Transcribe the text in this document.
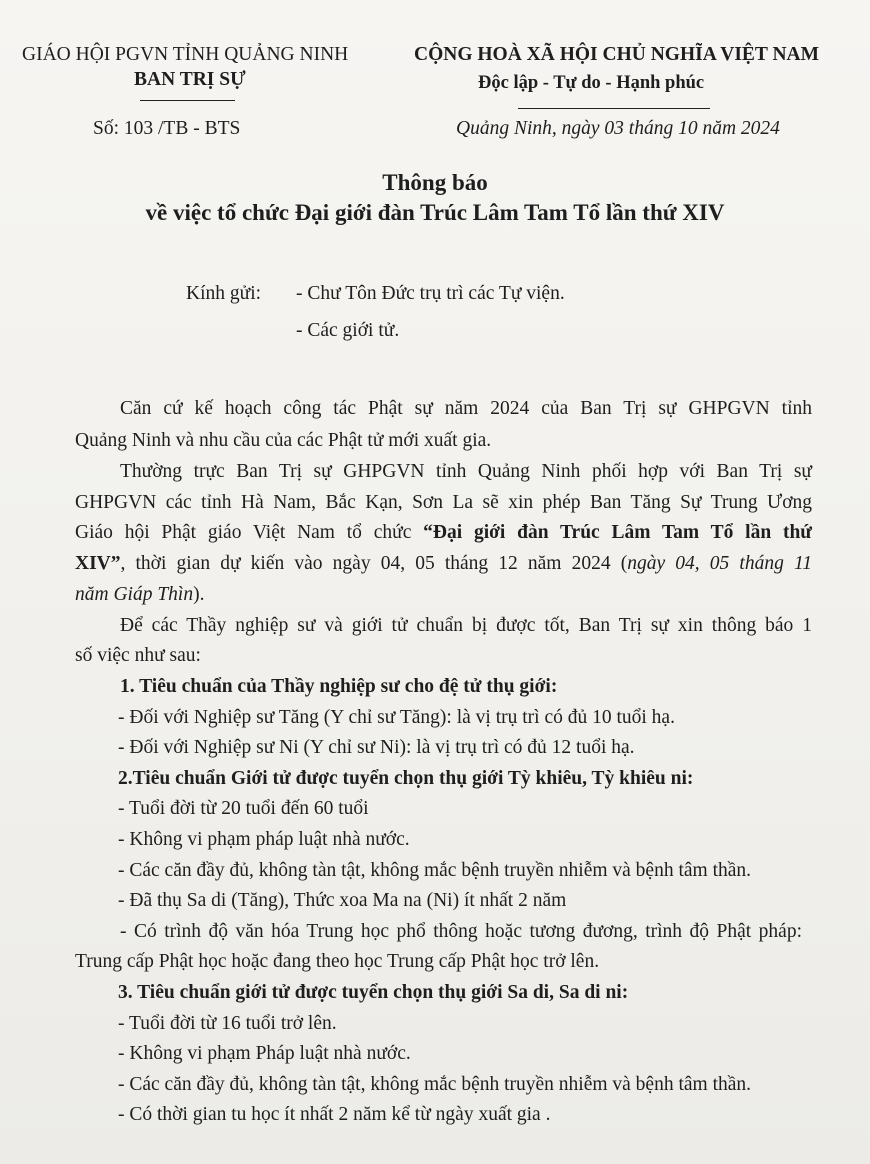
GIÁO HỘI PGVN TỈNH QUẢNG NINH
BAN TRỊ SỰ
CỘNG HOÀ XÃ HỘI CHỦ NGHĨA VIỆT NAM
Độc lập - Tự do - Hạnh phúc
Số: 103 /TB - BTS	Quảng Ninh, ngày 03 tháng 10 năm 2024
Thông báo
về việc tổ chức Đại giới đàn Trúc Lâm Tam Tổ lần thứ XIV
Kính gửi: - Chư Tôn Đức trụ trì các Tự viện.
- Các giới tử.
Căn cứ kế hoạch công tác Phật sự năm 2024 của Ban Trị sự GHPGVN tỉnh
Quảng Ninh và nhu cầu của các Phật tử mới xuất gia.
Thường trực Ban Trị sự GHPGVN tỉnh Quảng Ninh phối hợp với Ban Trị sự
GHPGVN các tỉnh Hà Nam, Bắc Kạn, Sơn La sẽ xin phép Ban Tăng Sự Trung Ương
Giáo hội Phật giáo Việt Nam tổ chức “Đại giới đàn Trúc Lâm Tam Tổ lần thứ
XIV”, thời gian dự kiến vào ngày 04, 05 tháng 12 năm 2024 (ngày 04, 05 tháng 11
năm Giáp Thìn).
Để các Thầy nghiệp sư và giới tử chuẩn bị được tốt, Ban Trị sự xin thông báo 1
số việc như sau:
1. Tiêu chuẩn của Thầy nghiệp sư cho đệ tử thụ giới:
- Đối với Nghiệp sư Tăng (Y chỉ sư Tăng): là vị trụ trì có đủ 10 tuổi hạ.
- Đối với Nghiệp sư Ni (Y chỉ sư Ni): là vị trụ trì có đủ 12 tuổi hạ.
2.Tiêu chuẩn Giới tử được tuyển chọn thụ giới Tỳ khiêu, Tỳ khiêu ni:
- Tuổi đời từ 20 tuổi đến 60 tuổi
- Không vi phạm pháp luật nhà nước.
- Các căn đầy đủ, không tàn tật, không mắc bệnh truyền nhiễm và bệnh tâm thần.
- Đã thụ Sa di (Tăng), Thức xoa Ma na (Ni) ít nhất 2 năm
- Có trình độ văn hóa Trung học phổ thông hoặc tương đương, trình độ Phật pháp:
Trung cấp Phật học hoặc đang theo học Trung cấp Phật học trở lên.
3. Tiêu chuẩn giới tử được tuyển chọn thụ giới Sa di, Sa di ni:
- Tuổi đời từ 16 tuổi trở lên.
- Không vi phạm Pháp luật nhà nước.
- Các căn đầy đủ, không tàn tật, không mắc bệnh truyền nhiễm và bệnh tâm thần.
- Có thời gian tu học ít nhất 2 năm kể từ ngày xuất gia .
